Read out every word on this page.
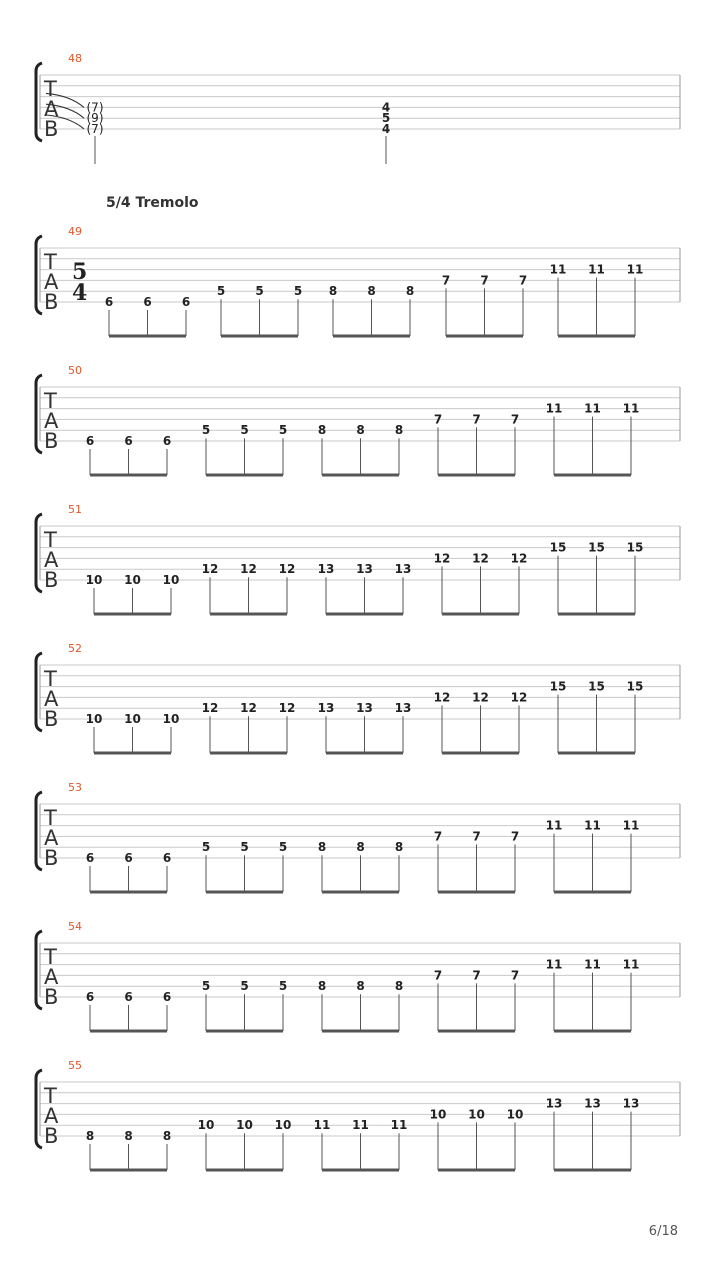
5/4 Tremolo
6/18
48
T
A
B
(7)
(9)
(7)
4
5
4
49
T
A
B
5
4 6	6	6
5	5	5 8	8	8
7	7	7
11 11 11
50
T
A
B 6	6	6
5	5	5	8	8	8
7	7	7
11 11 11
51
T
A
B 10 10 10
12 12 12 13 13 13
12 12 12
15 15 15
52
T
A
B 10 10 10
12 12 12 13 13 13
12 12 12
15 15 15
53
T
A
B 6	6	6
5	5	5	8	8	8
7	7	7
11 11 11
54
T
A
B 6	6	6
5	5	5	8	8	8
7	7	7
11 11 11
55
T
A
B 8	8	8
10 10 10 11 11 11
10 10 10
13 13 13
